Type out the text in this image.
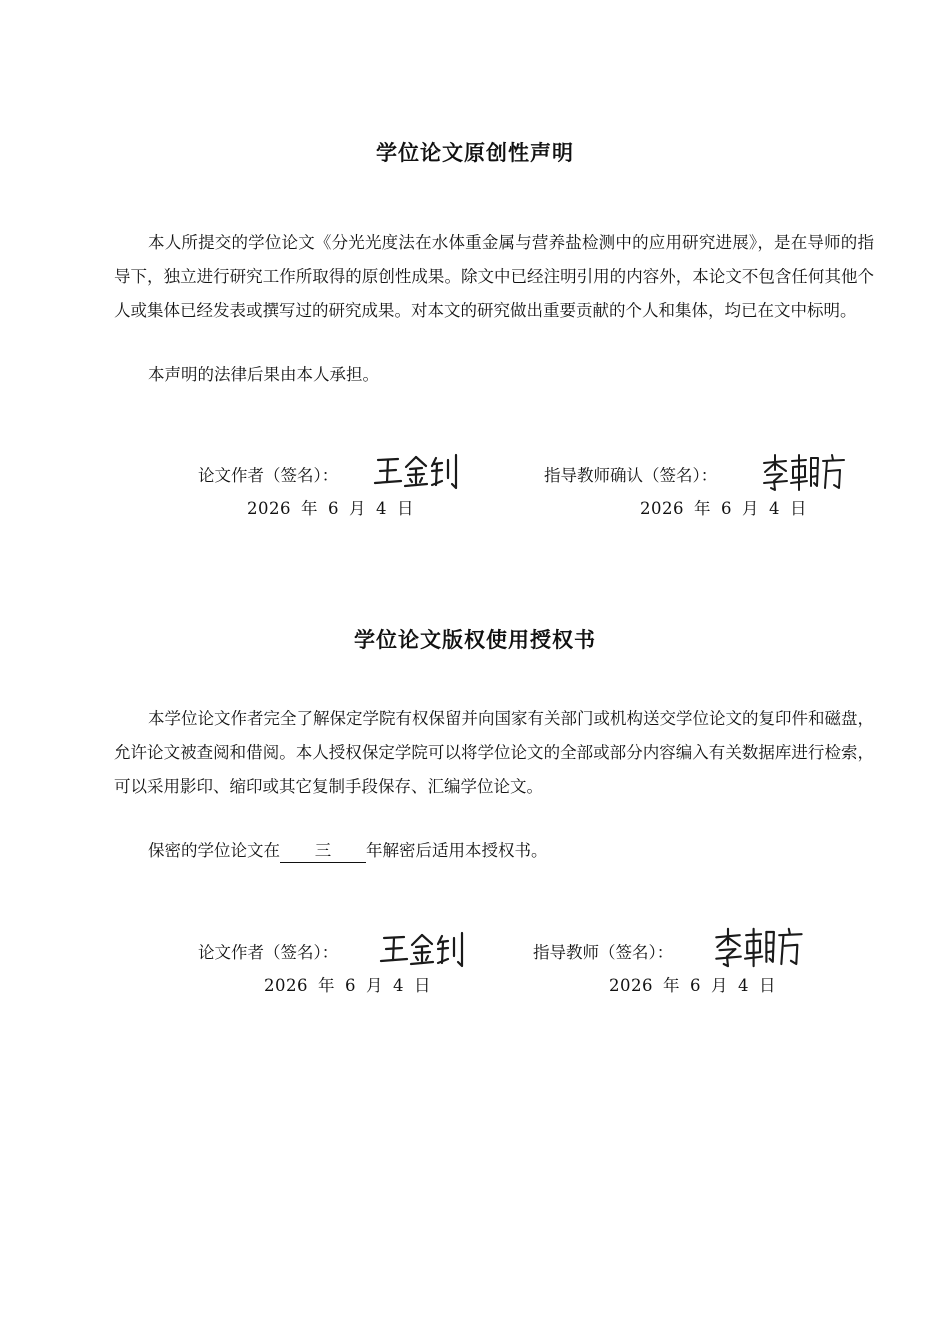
学位论文原创性声明

本人所提交的学位论文《分光光度法在水体重金属与营养盐检测中的应用研究进展》，是在导师的指导下，独立进行研究工作所取得的原创性成果。除文中已经注明引用的内容外，本论文不包含任何其他个人或集体已经发表或撰写过的研究成果。对本文的研究做出重要贡献的个人和集体，均已在文中标明。

本声明的法律后果由本人承担。

论文作者（签名）：
2026 年 6 月 4 日
指导教师确认（签名）：
2026 年 6 月 4 日
学位论文版权使用授权书

本学位论文作者完全了解保定学院有权保留并向国家有关部门或机构送交学位论文的复印件和磁盘，允许论文被查阅和借阅。本人授权保定学院可以将学位论文的全部或部分内容编入有关数据库进行检索，可以采用影印、缩印或其它复制手段保存、汇编学位论文。

保密的学位论文在 三 年解密后适用本授权书。

论文作者（签名）：
2026 年 6 月 4 日
指导教师（签名）：
2026 年 6 月 4 日
